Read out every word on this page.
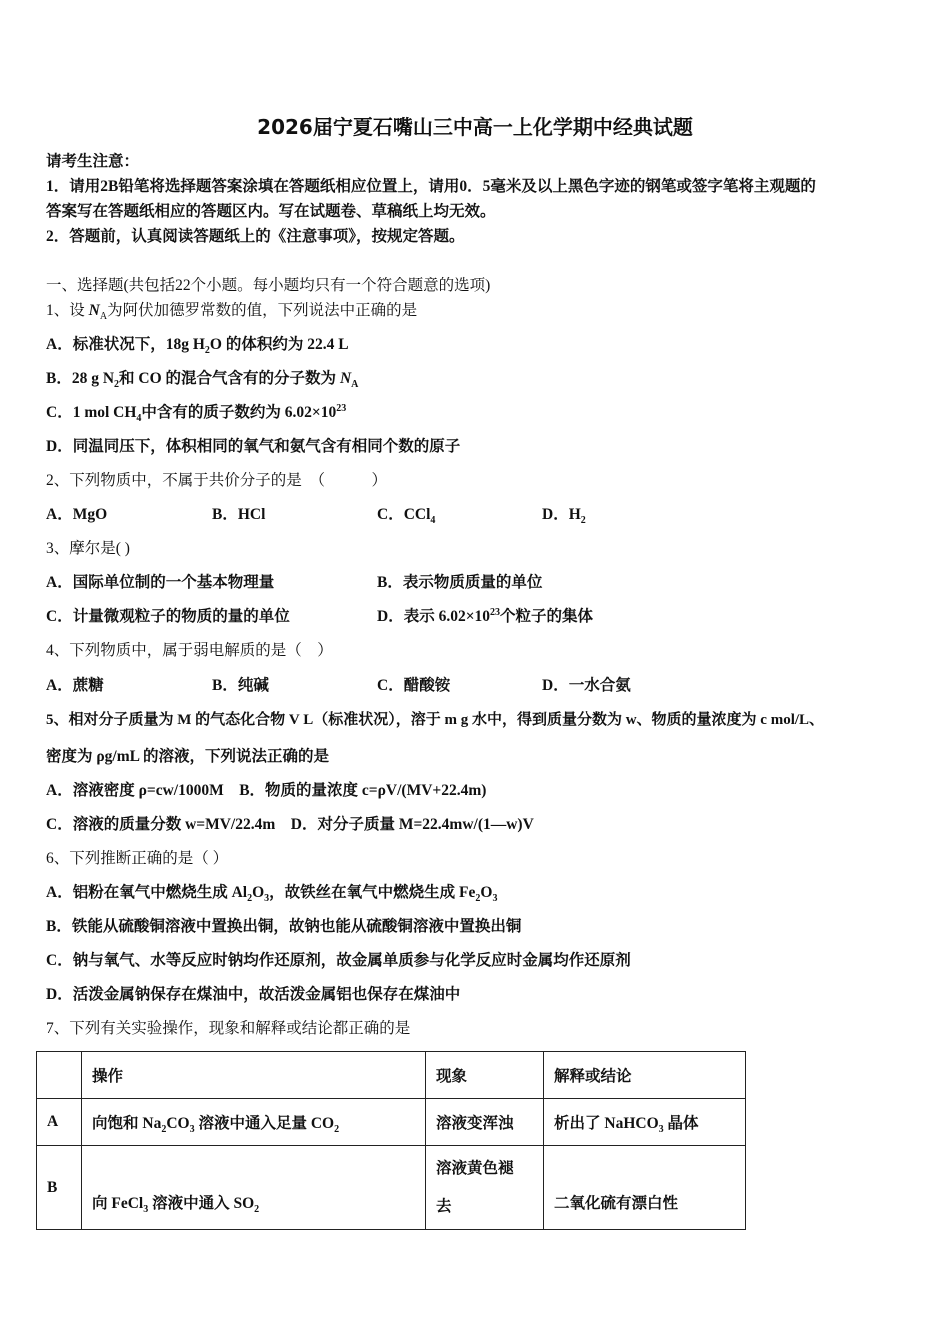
2026届宁夏石嘴山三中高一上化学期中经典试题
请考生注意：
1．请用2B铅笔将选择题答案涂填在答题纸相应位置上，请用0．5毫米及以上黑色字迹的钢笔或签字笔将主观题的
答案写在答题纸相应的答题区内。写在试题卷、草稿纸上均无效。
2．答题前，认真阅读答题纸上的《注意事项》，按规定答题。
一、选择题(共包括22个小题。每小题均只有一个符合题意的选项)
1、设 $N_A$为阿伏加德罗常数的值，下列说法中正确的是
A．标准状况下，18g $H_2O$ 的体积约为 22.4 L
B．28 g $N_2$和 CO 的混合气含有的分子数为 $N_A$
C．1 mol $CH_4$中含有的质子数约为 $6.02\times 10^{23}$
D．同温同压下，体积相同的氧气和氨气含有相同个数的原子
2、下列物质中，不属于共价分子的是　（　　　）
A．MgO	B．HCl	C．CCl$_4$	D．$H_2$
3、摩尔是( )
A．国际单位制的一个基本物理量	B．表示物质质量的单位
C．计量微观粒子的物质的量的单位	D．表示 $6.02\times 10^{23}$个粒子的集体
4、下列物质中，属于弱电解质的是（　）
A．蔗糖	B．纯碱	C．醋酸铵	D．一水合氨
5、相对分子质量为 M 的气态化合物 V L（标准状况），溶于 m g 水中，得到质量分数为 w、物质的量浓度为 c mol/L、
密度为 ρg/mL 的溶液，下列说法正确的是
A．溶液密度 ρ=cw/1000M　B．物质的量浓度 c=ρV/(MV+22.4m)
C．溶液的质量分数 w=MV/22.4m　D．对分子质量 M=22.4mw/(1—w)V
6、下列推断正确的是（ ）
A．铝粉在氧气中燃烧生成 $Al_2O_3$，故铁丝在氧气中燃烧生成 $Fe_2O_3$
B．铁能从硫酸铜溶液中置换出铜，故钠也能从硫酸铜溶液中置换出铜
C．钠与氧气、水等反应时钠均作还原剂，故金属单质参与化学反应时金属均作还原剂
D．活泼金属钠保存在煤油中，故活泼金属铝也保存在煤油中
7、下列有关实验操作，现象和解释或结论都正确的是
	操作	现象	解释或结论
A	向饱和 $Na_2CO_3$ 溶液中通入足量 $CO_2$	溶液变浑浊	析出了 NaHCO$_3$ 晶体
B	向 FeCl$_3$ 溶液中通入 $SO_2$	溶液黄色褪
去	二氧化硫有漂白性
